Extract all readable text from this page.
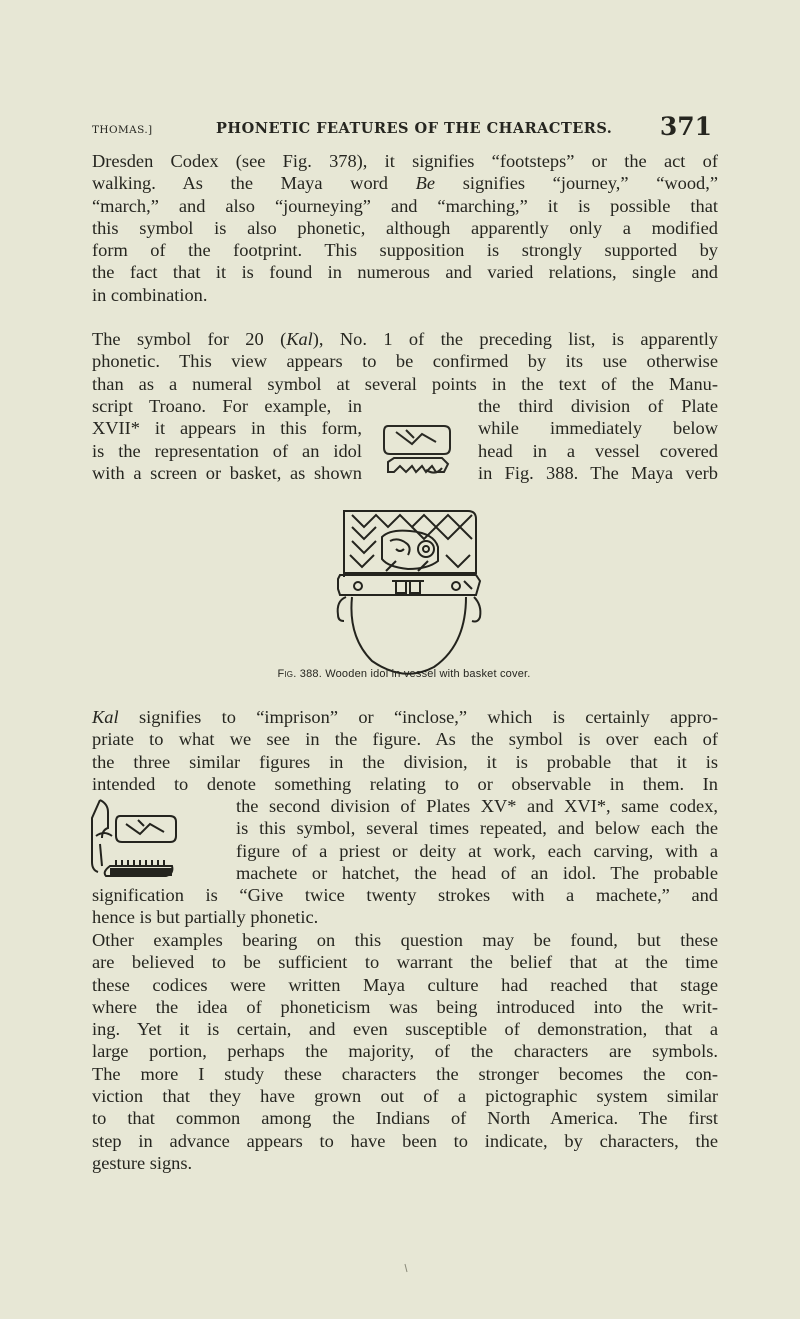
THOMAS.]	PHONETIC FEATURES OF THE CHARACTERS. 371
Dresden Codex (see Fig. 378), it signifies “footsteps” or the act of
walking. As the Maya word Be signifies “journey,” “wood,”
“march,” and also “journeying” and “marching,” it is possible that
this symbol is also phonetic, although apparently only a modified
form of the footprint. This supposition is strongly supported by
the fact that it is found in numerous and varied relations, single and
in combination.
The symbol for 20 (Kal), No. 1 of the preceding list, is apparently
phonetic. This view appears to be confirmed by its use otherwise
than as a numeral symbol at several points in the text of the Manu-
script Troano. For example, in
XVII* it appears in this form,
is the representation of an idol
with a screen or basket, as shown
the third division of Plate
while immediately below
head in a vessel covered
in Fig. 388. The Maya verb
Fig. 388. Wooden idol in vessel with basket cover.
Kal signifies to “imprison” or “inclose,” which is certainly appro-
priate to what we see in the figure. As the symbol is over each of
the three similar figures in the division, it is probable that it is
intended to denote something relating to or observable in them. In
the second division of Plates XV* and XVI*, same codex,
is this symbol, several times repeated, and below each the
figure of a priest or deity at work, each carving, with a
machete or hatchet, the head of an idol. The probable
signification is “Give twice twenty strokes with a machete,” and
hence is but partially phonetic.
Other examples bearing on this question may be found, but these
are believed to be sufficient to warrant the belief that at the time
these codices were written Maya culture had reached that stage
where the idea of phoneticism was being introduced into the writ-
ing. Yet it is certain, and even susceptible of demonstration, that a
large portion, perhaps the majority, of the characters are symbols.
The more I study these characters the stronger becomes the con-
viction that they have grown out of a pictographic system similar
to that common among the Indians of North America. The first
step in advance appears to have been to indicate, by characters, the
gesture signs.
